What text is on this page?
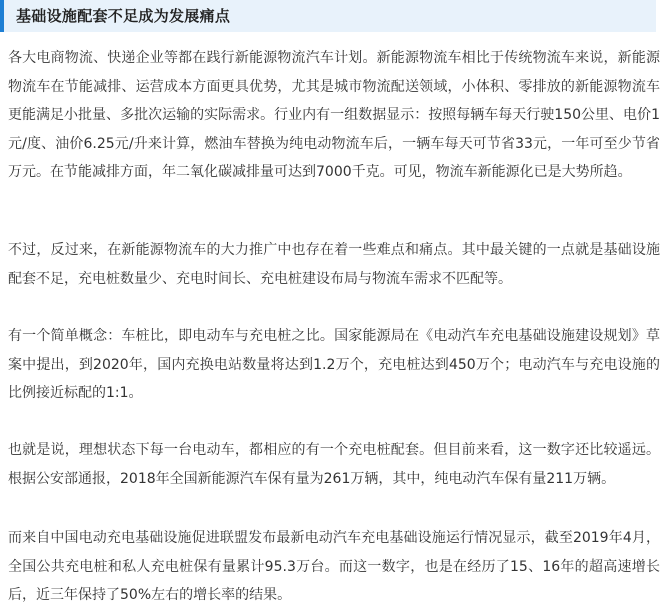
基础设施配套不足成为发展痛点

各大电商物流、快递企业等都在践行新能源物流汽车计划。新能源物流车相比于传统物流车来说，新能源物流车在节能减排、运营成本方面更具优势，尤其是城市物流配送领域，小体积、零排放的新能源物流车更能满足小批量、多批次运输的实际需求。行业内有一组数据显示：按照每辆车每天行驶150公里、电价1元/度、油价6.25元/升来计算，燃油车替换为纯电动物流车后，一辆车每天可节省33元，一年可至少节省万元。在节能减排方面，年二氧化碳减排量可达到7000千克。可见，物流车新能源化已是大势所趋。

不过，反过来，在新能源物流车的大力推广中也存在着一些难点和痛点。其中最关键的一点就是基础设施配套不足，充电桩数量少、充电时间长、充电桩建设布局与物流车需求不匹配等。

有一个简单概念：车桩比，即电动车与充电桩之比。国家能源局在《电动汽车充电基础设施建设规划》草案中提出，到2020年，国内充换电站数量将达到1.2万个，充电桩达到450万个；电动汽车与充电设施的比例接近标配的1:1。

也就是说，理想状态下每一台电动车，都相应的有一个充电桩配套。但目前来看，这一数字还比较遥远。根据公安部通报，2018年全国新能源汽车保有量为261万辆，其中，纯电动汽车保有量211万辆。

而来自中国电动充电基础设施促进联盟发布最新电动汽车充电基础设施运行情况显示，截至2019年4月，全国公共充电桩和私人充电桩保有量累计95.3万台。而这一数字，也是在经历了15、16年的超高速增长后，近三年保持了50%左右的增长率的结果。
